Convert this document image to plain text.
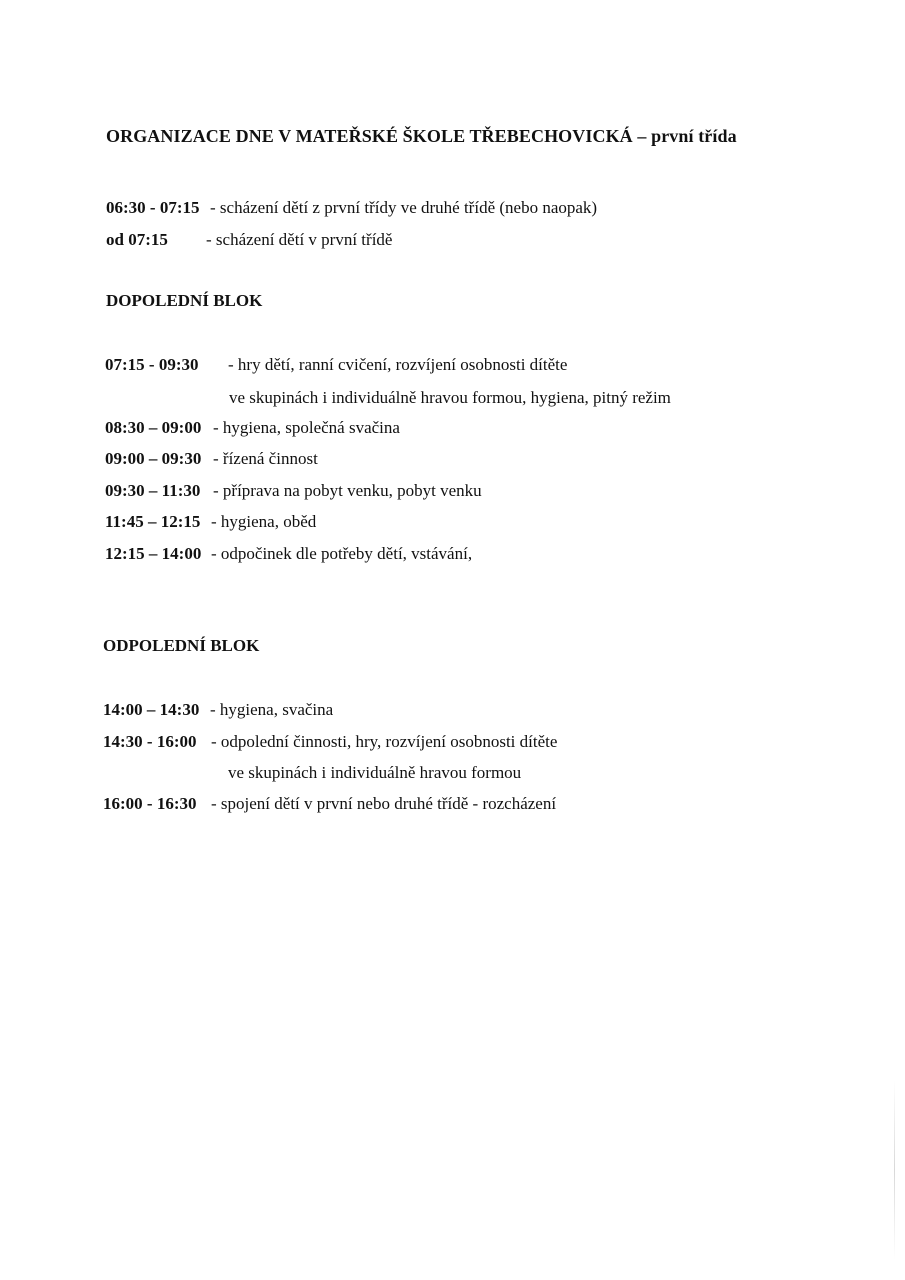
ORGANIZACE DNE V MATEŘSKÉ ŠKOLE TŘEBECHOVICKÁ – první třída
06:30 - 07:15 - scházení dětí z první třídy ve druhé třídě (nebo naopak)
od 07:15 - scházení dětí v první třídě
DOPOLEDNÍ BLOK
07:15 - 09:30 - hry dětí, ranní cvičení, rozvíjení osobnosti dítěte
ve skupinách i individuálně hravou formou, hygiena, pitný režim
08:30 – 09:00 - hygiena, společná svačina
09:00 – 09:30 - řízená činnost
09:30 – 11:30 - příprava na pobyt venku, pobyt venku
11:45 – 12:15 - hygiena, oběd
12:15 – 14:00 - odpočinek dle potřeby dětí, vstávání,
ODPOLEDNÍ BLOK
14:00 – 14:30 - hygiena, svačina
14:30 - 16:00 - odpolední činnosti, hry, rozvíjení osobnosti dítěte
ve skupinách i individuálně hravou formou
16:00 - 16:30 - spojení dětí v první nebo druhé třídě - rozcházení
